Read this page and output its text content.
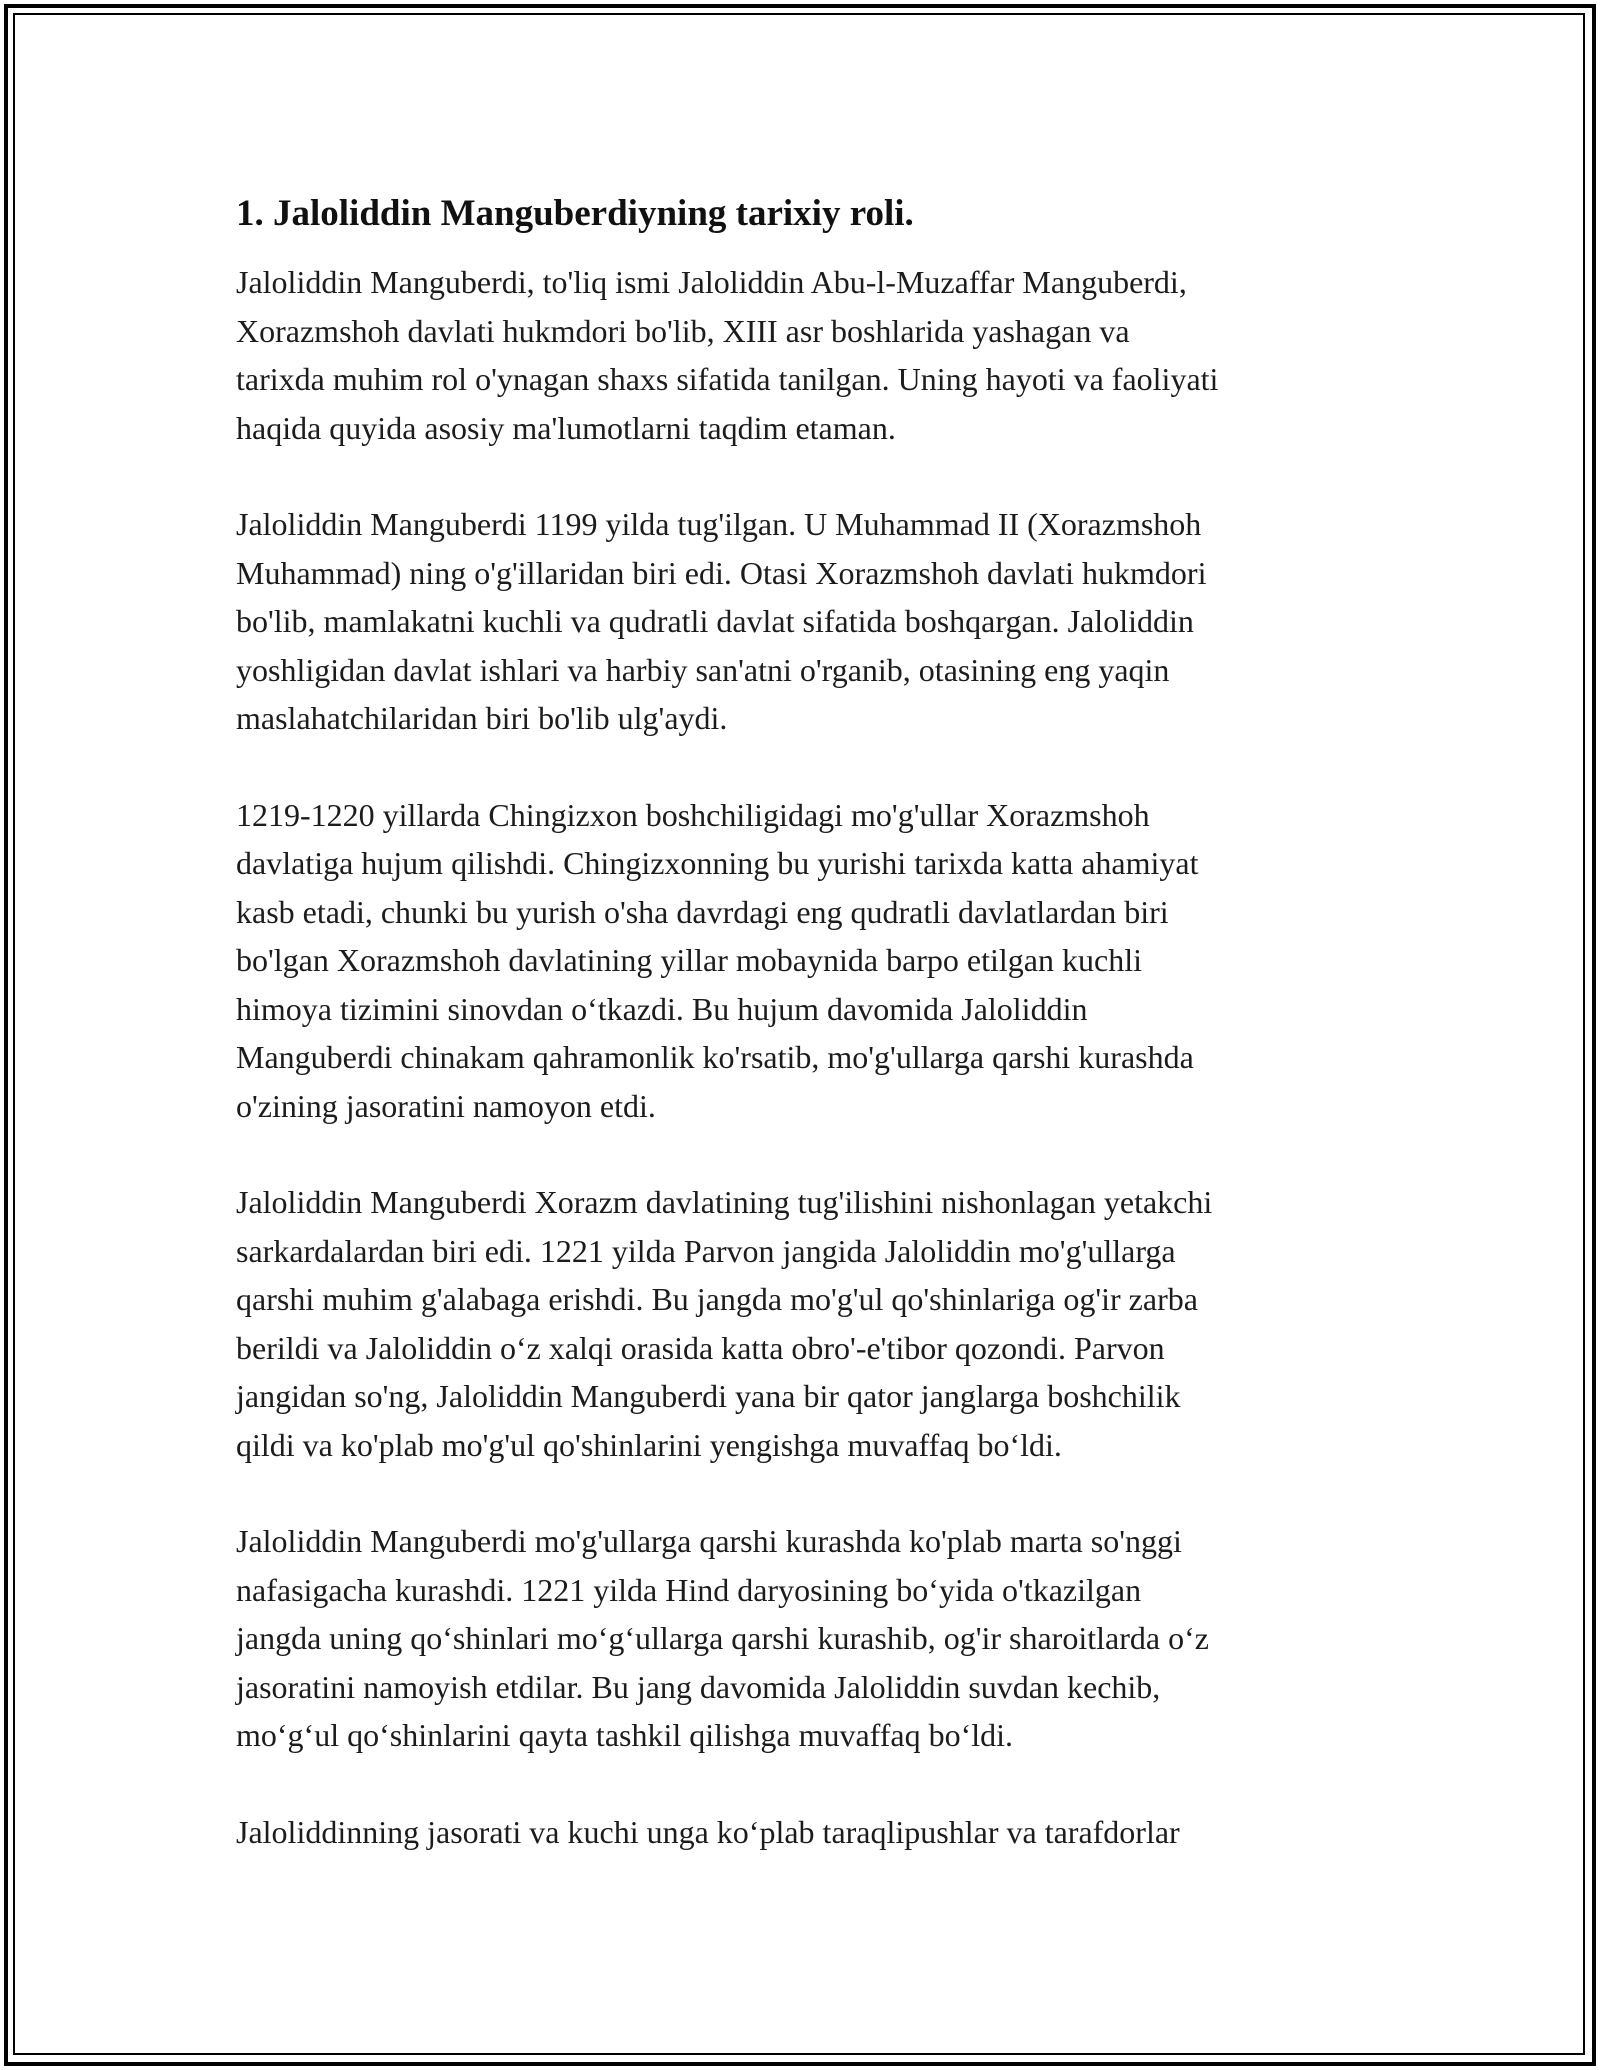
1. Jaloliddin Manguberdiyning tarixiy roli.

Jaloliddin Manguberdi, to'liq ismi Jaloliddin Abu-l-Muzaffar Manguberdi,
Xorazmshoh davlati hukmdori bo'lib, XIII asr boshlarida yashagan va
tarixda muhim rol o'ynagan shaxs sifatida tanilgan. Uning hayoti va faoliyati
haqida quyida asosiy ma'lumotlarni taqdim etaman.

Jaloliddin Manguberdi 1199 yilda tug'ilgan. U Muhammad II (Xorazmshoh
Muhammad) ning o'g'illaridan biri edi. Otasi Xorazmshoh davlati hukmdori
bo'lib, mamlakatni kuchli va qudratli davlat sifatida boshqargan. Jaloliddin
yoshligidan davlat ishlari va harbiy san'atni o'rganib, otasining eng yaqin
maslahatchilaridan biri bo'lib ulg'aydi.

1219-1220 yillarda Chingizxon boshchiligidagi mo'g'ullar Xorazmshoh
davlatiga hujum qilishdi. Chingizxonning bu yurishi tarixda katta ahamiyat
kasb etadi, chunki bu yurish o'sha davrdagi eng qudratli davlatlardan biri
bo'lgan Xorazmshoh davlatining yillar mobaynida barpo etilgan kuchli
himoya tizimini sinovdan o‘tkazdi. Bu hujum davomida Jaloliddin
Manguberdi chinakam qahramonlik ko'rsatib, mo'g'ullarga qarshi kurashda
o'zining jasoratini namoyon etdi.

Jaloliddin Manguberdi Xorazm davlatining tug'ilishini nishonlagan yetakchi
sarkardalardan biri edi. 1221 yilda Parvon jangida Jaloliddin mo'g'ullarga
qarshi muhim g'alabaga erishdi. Bu jangda mo'g'ul qo'shinlariga og'ir zarba
berildi va Jaloliddin o‘z xalqi orasida katta obro'-e'tibor qozondi. Parvon
jangidan so'ng, Jaloliddin Manguberdi yana bir qator janglarga boshchilik
qildi va ko'plab mo'g'ul qo'shinlarini yengishga muvaffaq bo‘ldi.

Jaloliddin Manguberdi mo'g'ullarga qarshi kurashda ko'plab marta so'nggi
nafasigacha kurashdi. 1221 yilda Hind daryosining bo‘yida o'tkazilgan
jangda uning qo‘shinlari mo‘g‘ullarga qarshi kurashib, og'ir sharoitlarda o‘z
jasoratini namoyish etdilar. Bu jang davomida Jaloliddin suvdan kechib,
mo‘g‘ul qo‘shinlarini qayta tashkil qilishga muvaffaq bo‘ldi.

Jaloliddinning jasorati va kuchi unga ko‘plab taraqlipushlar va tarafdorlar
